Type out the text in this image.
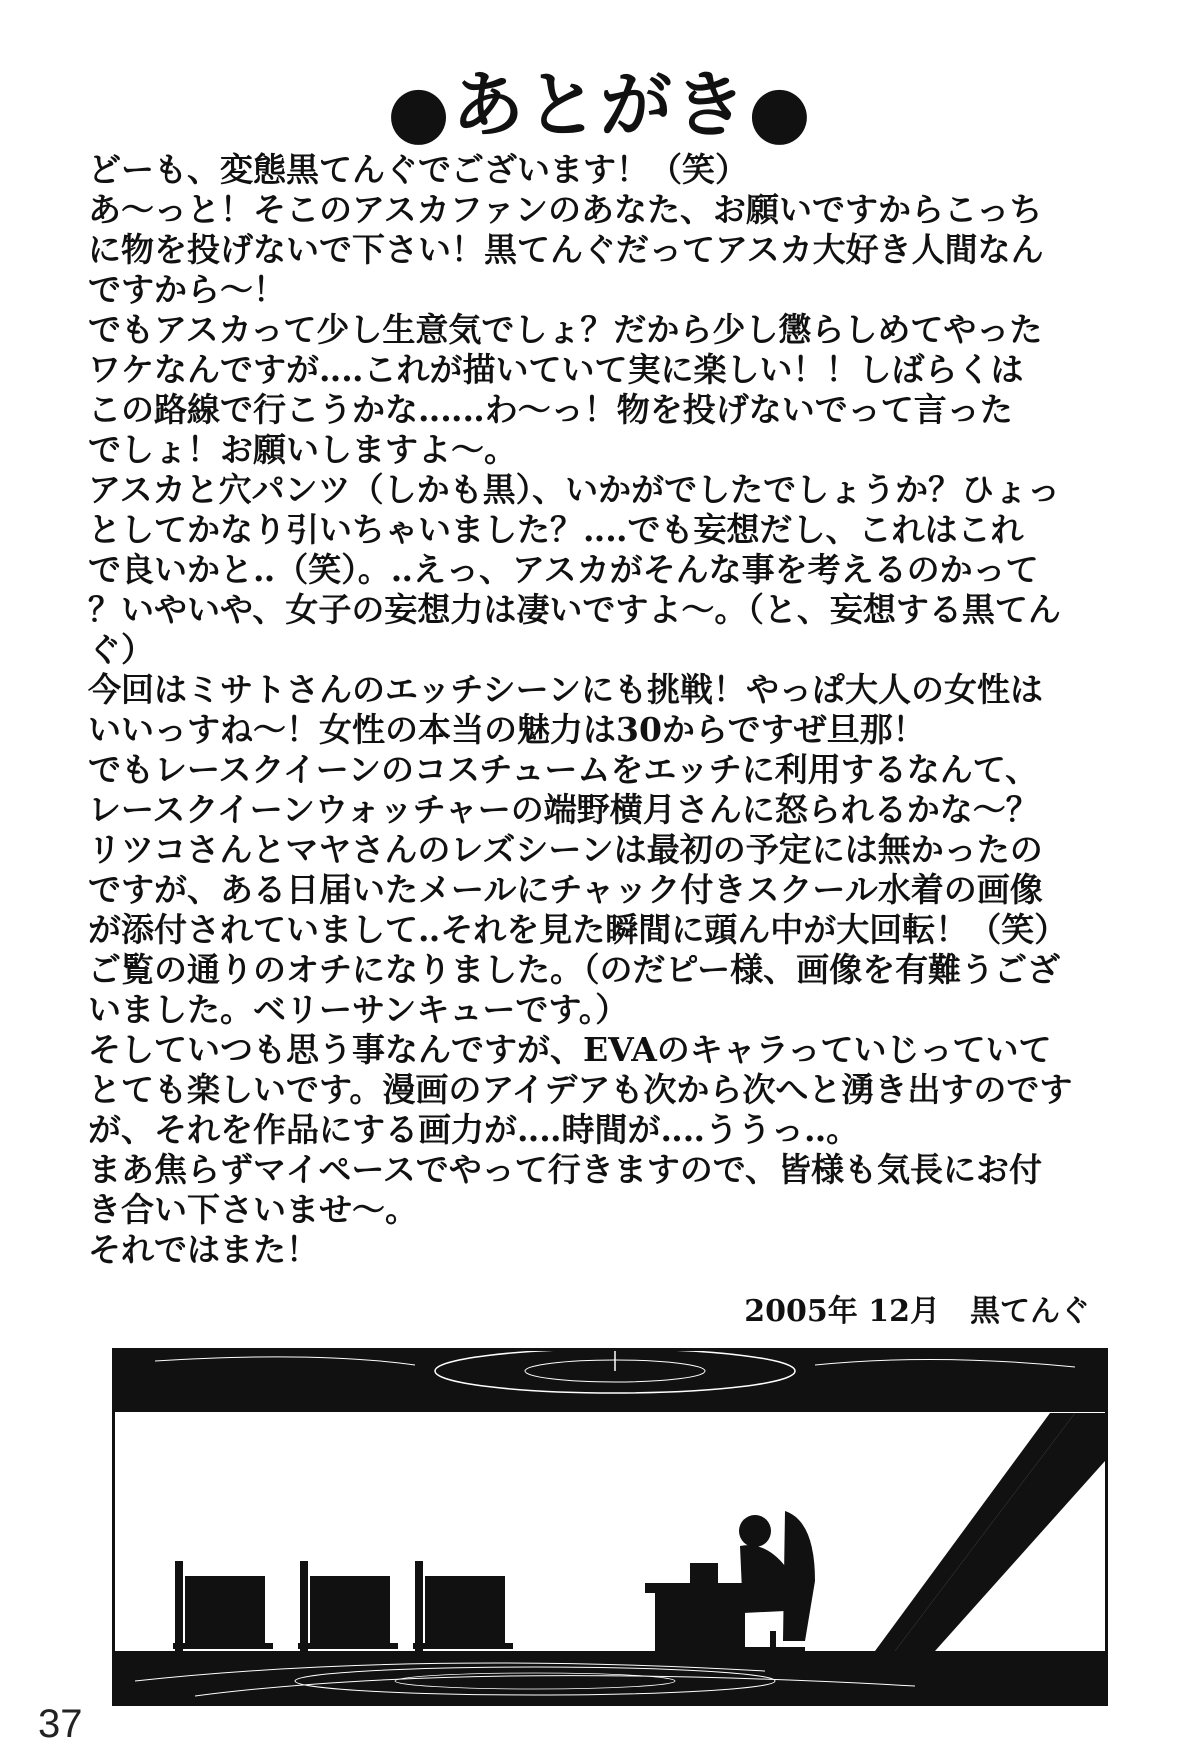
●あとがき●
どーも、変態黒てんぐでございます！（笑）
あ〜っと！そこのアスカファンのあなた、お願いですからこっち
に物を投げないで下さい！黒てんぐだってアスカ大好き人間なん
ですから〜！
でもアスカって少し生意気でしょ？だから少し懲らしめてやった
ワケなんですが‥‥これが描いていて実に楽しい！！しばらくは
この路線で行こうかな‥‥‥わ〜っ！物を投げないでって言った
でしょ！お願いしますよ〜。
アスカと穴パンツ（しかも黒）、いかがでしたでしょうか？ひょっ
としてかなり引いちゃいました？‥‥でも妄想だし、これはこれ
で良いかと‥（笑）。‥えっ、アスカがそんな事を考えるのかって
？いやいや、女子の妄想力は凄いですよ〜。（と、妄想する黒てん
ぐ）
今回はミサトさんのエッチシーンにも挑戦！やっぱ大人の女性は
いいっすね〜！女性の本当の魅力は30からですぜ旦那！
でもレースクイーンのコスチュームをエッチに利用するなんて、
レースクイーンウォッチャーの端野横月さんに怒られるかな〜？
リツコさんとマヤさんのレズシーンは最初の予定には無かったの
ですが、ある日届いたメールにチャック付きスクール水着の画像
が添付されていまして‥それを見た瞬間に頭ん中が大回転！（笑）
ご覧の通りのオチになりました。（のだピー様、画像を有難うござ
いました。ベリーサンキューです。）
そしていつも思う事なんですが、EVAのキャラっていじっていて
とても楽しいです。漫画のアイデアも次から次へと湧き出すのです
が、それを作品にする画力が‥‥時間が‥‥ううっ‥。
まあ焦らずマイペースでやって行きますので、皆様も気長にお付
き合い下さいませ〜。
それではまた！
2005年 12月　黒てんぐ
37
